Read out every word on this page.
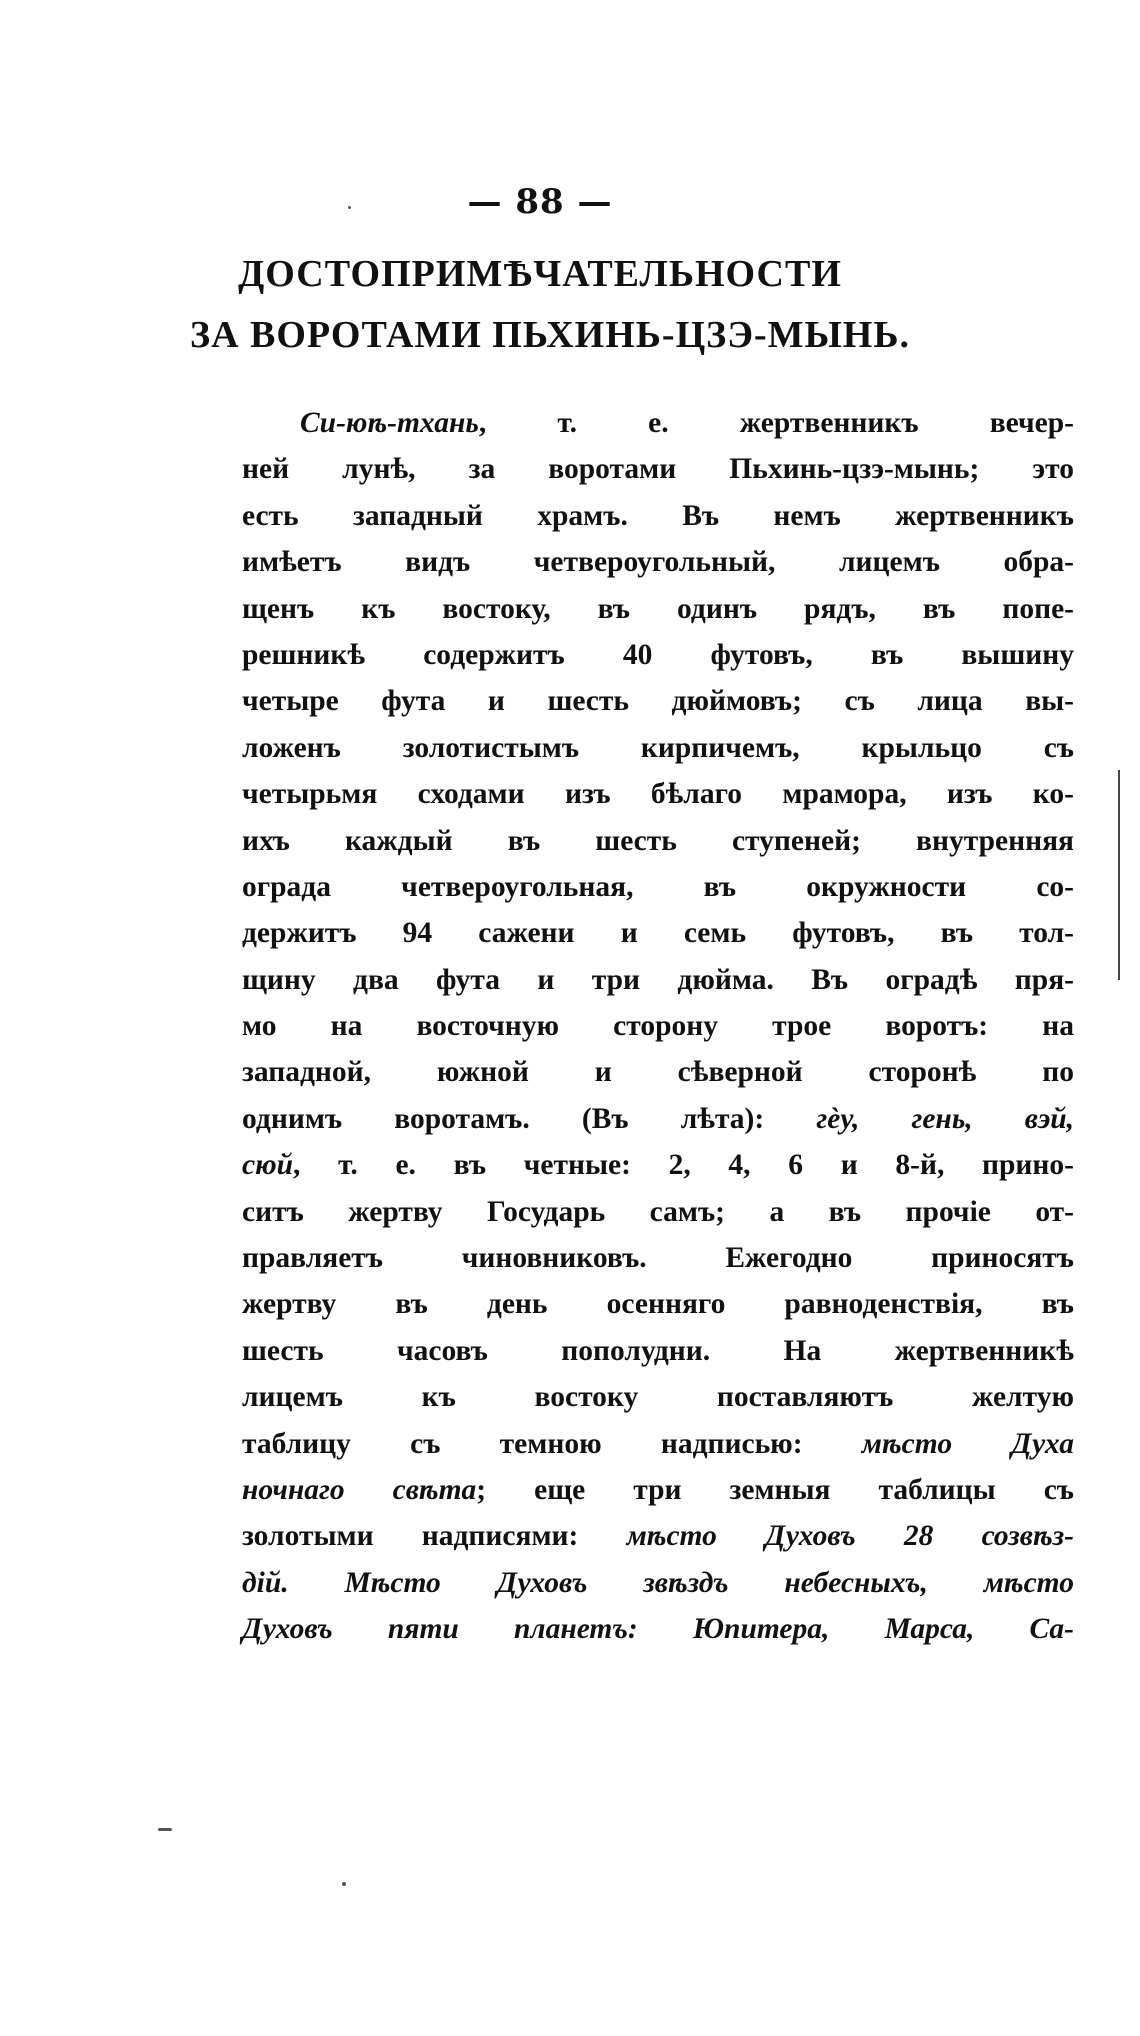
— 88 —
ДОСТОПРИМѢЧАТЕЛЬНОСТИ
ЗА ВОРОТАМИ ПЬХИНЬ-ЦЗЭ-МЫНЬ.
Си-юѣ-тхань, т. е. жертвенникъ вечер-
ней лунѣ, за воротами Пьхинь-цзэ-мынь; это
есть западный храмъ. Въ немъ жертвенникъ
имѣетъ видъ четвероугольный, лицемъ обра-
щенъ къ востоку, въ одинъ рядъ, въ попе-
решникѣ содержитъ 40 футовъ, въ вышину
четыре фута и шесть дюймовъ; съ лица вы-
ложенъ золотистымъ кирпичемъ, крыльцо съ
четырьмя сходами изъ бѣлаго мрамора, изъ ко-
ихъ каждый въ шесть ступеней; внутренняя
ограда четвероугольная, въ окружности со-
держитъ 94 сажени и семь футовъ, въ тол-
щину два фута и три дюйма. Въ оградѣ пря-
мо на восточную сторону трое воротъ: на
западной, южной и сѣверной сторонѣ по
однимъ воротамъ. (Въ лѣта): гèу, гень, вэй,
сюй, т. е. въ четные: 2, 4, 6 и 8-й, прино-
ситъ жертву Государь самъ; а въ прочіе от-
правляетъ чиновниковъ. Ежегодно приносятъ
жертву въ день осенняго равноденствія, въ
шесть часовъ пополудни. На жертвенникѣ
лицемъ къ востоку поставляютъ желтую
таблицу съ темною надписью: мѣсто Духа
ночнаго свѣта; еще три земныя таблицы съ
золотыми надписями: мѣсто Духовъ 28 созвѣз-
дій. Мѣсто Духовъ звѣздъ небесныхъ, мѣсто
Духовъ пяти планетъ: Юпитера, Марса, Са-
